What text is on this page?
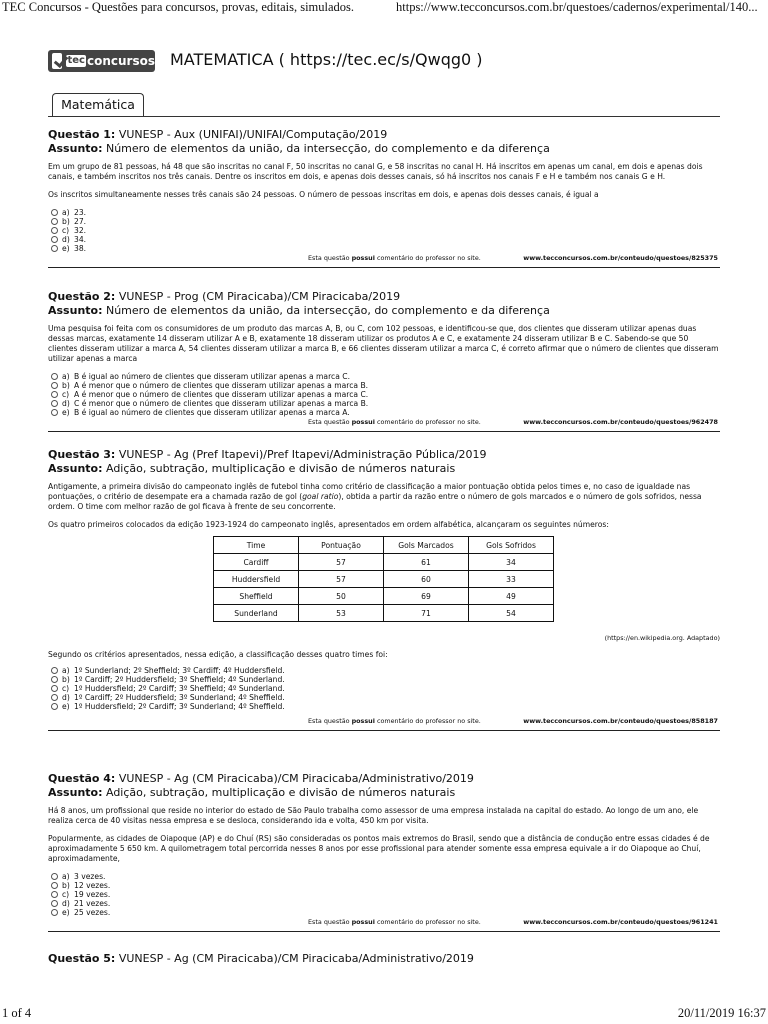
TEC Concursos - Questões para concursos, provas, editais, simulados.	https://www.tecconcursos.com.br/questoes/cadernos/experimental/140...
tec concursos MATEMATICA ( https://tec.ec/s/Qwqg0 )
Matemática

Questão 1: VUNESP - Aux (UNIFAI)/UNIFAI/Computação/2019

Assunto: Número de elementos da união, da intersecção, do complemento e da diferença

Em um grupo de 81 pessoas, há 48 que são inscritas no canal F, 50 inscritas no canal G, e 58 inscritas no canal H. Há inscritos em apenas um canal, em dois e apenas dois canais, e também inscritos nos três canais. Dentre os inscritos em dois, e apenas dois desses canais, só há inscritos nos canais F e H e também nos canais G e H.

Os inscritos simultaneamente nesses três canais são 24 pessoas. O número de pessoas inscritas em dois, e apenas dois desses canais, é igual a

a) 23.
b) 27.
c) 32.
d) 34.
e) 38.
Esta questão possui comentário do professor no site.	www.tecconcursos.com.br/conteudo/questoes/825375

Questão 2: VUNESP - Prog (CM Piracicaba)/CM Piracicaba/2019

Assunto: Número de elementos da união, da intersecção, do complemento e da diferença

Uma pesquisa foi feita com os consumidores de um produto das marcas A, B, ou C, com 102 pessoas, e identificou-se que, dos clientes que disseram utilizar apenas duas dessas marcas, exatamente 14 disseram utilizar A e B, exatamente 18 disseram utilizar os produtos A e C, e exatamente 24 disseram utilizar B e C. Sabendo-se que 50 clientes disseram utilizar a marca A, 54 clientes disseram utilizar a marca B, e 66 clientes disseram utilizar a marca C, é correto afirmar que o número de clientes que disseram utilizar apenas a marca

a) B é igual ao número de clientes que disseram utilizar apenas a marca C.
b) A é menor que o número de clientes que disseram utilizar apenas a marca B.
c) A é menor que o número de clientes que disseram utilizar apenas a marca C.
d) C é menor que o número de clientes que disseram utilizar apenas a marca B.
e) B é igual ao número de clientes que disseram utilizar apenas a marca A.
Esta questão possui comentário do professor no site.	www.tecconcursos.com.br/conteudo/questoes/962478

Questão 3: VUNESP - Ag (Pref Itapevi)/Pref Itapevi/Administração Pública/2019

Assunto: Adição, subtração, multiplicação e divisão de números naturais

Antigamente, a primeira divisão do campeonato inglês de futebol tinha como critério de classificação a maior pontuação obtida pelos times e, no caso de igualdade nas pontuações, o critério de desempate era a chamada razão de gol (goal ratio), obtida a partir da razão entre o número de gols marcados e o número de gols sofridos, nessa ordem. O time com melhor razão de gol ficava à frente de seu concorrente.

Os quatro primeiros colocados da edição 1923-1924 do campeonato inglês, apresentados em ordem alfabética, alcançaram os seguintes números:

Time	Pontuação	Gols Marcados	Gols Sofridos
Cardiff	57	61	34
Huddersfield	57	60	33
Sheffield	50	69	49
Sunderland	53	71	54
(https://en.wikipedia.org. Adaptado)

Segundo os critérios apresentados, nessa edição, a classificação desses quatro times foi:

a) 1º Sunderland; 2º Sheffield; 3º Cardiff; 4º Huddersfield.
b) 1º Cardiff; 2º Huddersfield; 3º Sheffield; 4º Sunderland.
c) 1º Huddersfield; 2º Cardiff; 3º Sheffield; 4º Sunderland.
d) 1º Cardiff; 2º Huddersfield; 3º Sunderland; 4º Sheffield.
e) 1º Huddersfield; 2º Cardiff; 3º Sunderland; 4º Sheffield.
Esta questão possui comentário do professor no site.	www.tecconcursos.com.br/conteudo/questoes/858187

Questão 4: VUNESP - Ag (CM Piracicaba)/CM Piracicaba/Administrativo/2019

Assunto: Adição, subtração, multiplicação e divisão de números naturais

Há 8 anos, um profissional que reside no interior do estado de São Paulo trabalha como assessor de uma empresa instalada na capital do estado. Ao longo de um ano, ele realiza cerca de 40 visitas nessa empresa e se desloca, considerando ida e volta, 450 km por visita.

Popularmente, as cidades de Oiapoque (AP) e do Chuí (RS) são consideradas os pontos mais extremos do Brasil, sendo que a distância de condução entre essas cidades é de aproximadamente 5 650 km. A quilometragem total percorrida nesses 8 anos por esse profissional para atender somente essa empresa equivale a ir do Oiapoque ao Chuí, aproximadamente,

a) 3 vezes.
b) 12 vezes.
c) 19 vezes.
d) 21 vezes.
e) 25 vezes.
Esta questão possui comentário do professor no site.	www.tecconcursos.com.br/conteudo/questoes/961241

Questão 5: VUNESP - Ag (CM Piracicaba)/CM Piracicaba/Administrativo/2019

1 of 4	20/11/2019 16:37
